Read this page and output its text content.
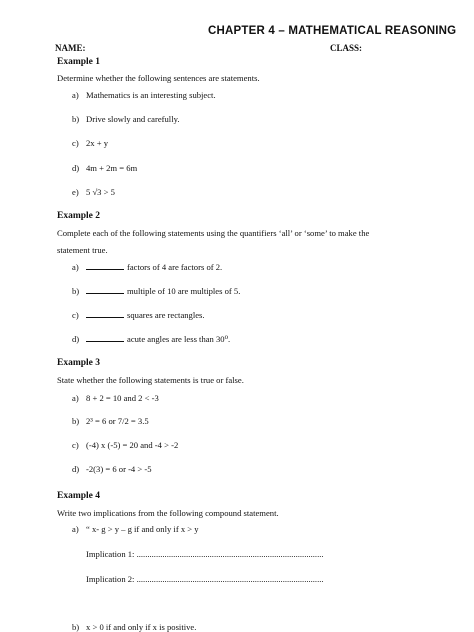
CHAPTER 4 – MATHEMATICAL REASONING
NAME:	CLASS:
Example 1
Determine whether the following sentences are statements.
a) Mathematics is an interesting subject.
b) Drive slowly and carefully.
c) 2x + y
d) 4m + 2m = 6m
e) 5 √3 > 5
Example 2
Complete each of the following statements using the quantifiers ‘all’ or ‘some’ to make the
statement true.
a)	factors of 4 are factors of 2.
b)	multiple of 10 are multiples of 5.
c)	squares are rectangles.
d)	acute angles are less than 30⁰.
Example 3
State whether the following statements is true or false.
a) 8 + 2 = 10 and 2 < -3
b) 2³ = 6 or 7/2 = 3.5
c) (-4) x (-5) = 20 and -4 > -2
d) -2(3) = 6 or -4 > -5
Example 4
Write two implications from the following compound statement.
a) “ x- g > y – g if and only if x > y
Implication 1: .......................................................................................
Implication 2: .......................................................................................
b) x > 0 if and only if x is positive.
